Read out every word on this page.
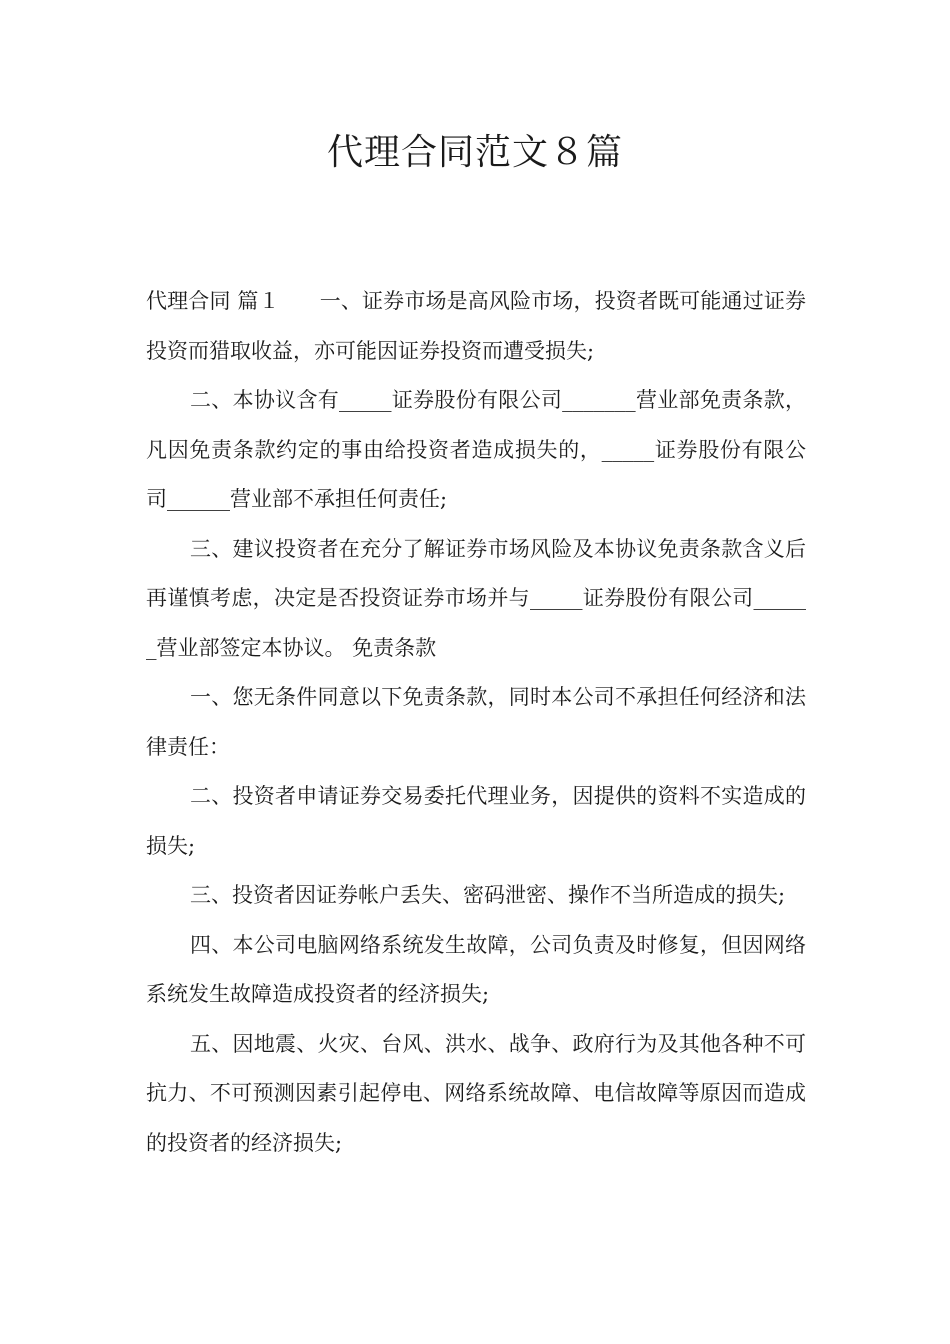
代理合同范文８篇

代理合同 篇１ 一、证券市场是高风险市场，投资者既可能通过证券投资而猎取收益，亦可能因证券投资而遭受损失;

二、本协议含有_____证券股份有限公司_______营业部免责条款，凡因免责条款约定的事由给投资者造成损失的，_____证券股份有限公司______营业部不承担任何责任;

三、建议投资者在充分了解证券市场风险及本协议免责条款含义后再谨慎考虑，决定是否投资证券市场并与_____证券股份有限公司______营业部签定本协议。 免责条款

一、您无条件同意以下免责条款，同时本公司不承担任何经济和法律责任：

二、投资者申请证券交易委托代理业务，因提供的资料不实造成的损失;

三、投资者因证券帐户丢失、密码泄密、操作不当所造成的损失;

四、本公司电脑网络系统发生故障，公司负责及时修复，但因网络系统发生故障造成投资者的经济损失;

五、因地震、火灾、台风、洪水、战争、政府行为及其他各种不可抗力、不可预测因素引起停电、网络系统故障、电信故障等原因而造成的投资者的经济损失;
